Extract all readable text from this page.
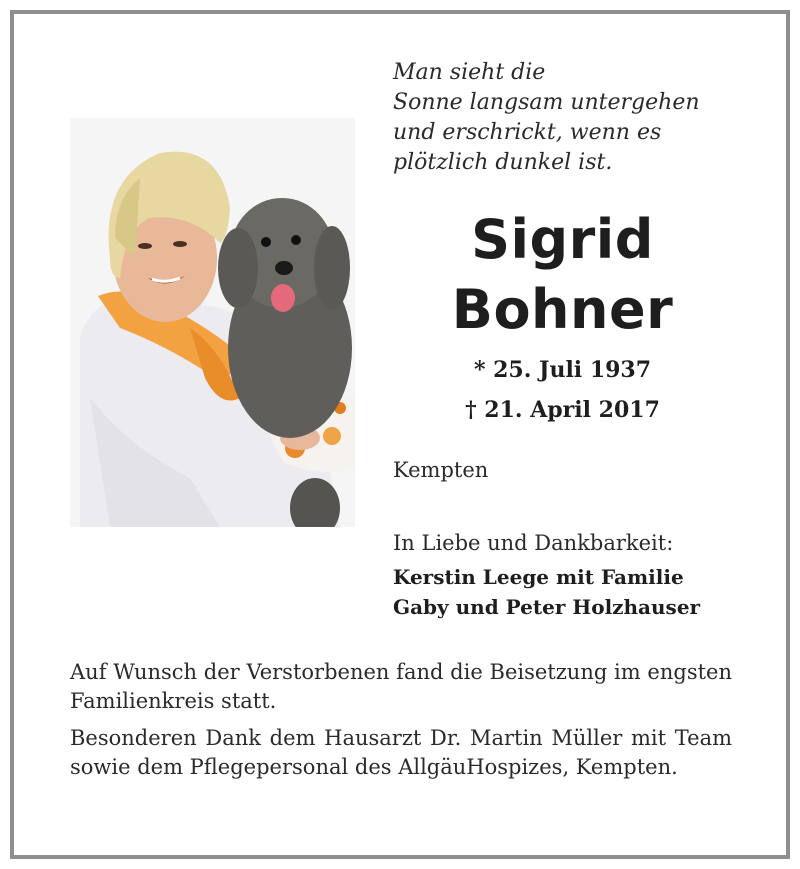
Man sieht die
Sonne langsam untergehen
und erschrickt, wenn es
plötzlich dunkel ist.
Sigrid
Bohner
* 25. Juli 1937
† 21. April 2017
Kempten
In Liebe und Dankbarkeit:
Kerstin Leege mit Familie
Gaby und Peter Holzhauser

Auf Wunsch der Verstorbenen fand die Beisetzung im engsten Familienkreis statt.

Besonderen Dank dem Hausarzt Dr. Martin Müller mit Team sowie dem Pflegepersonal des AllgäuHospizes, Kempten.
